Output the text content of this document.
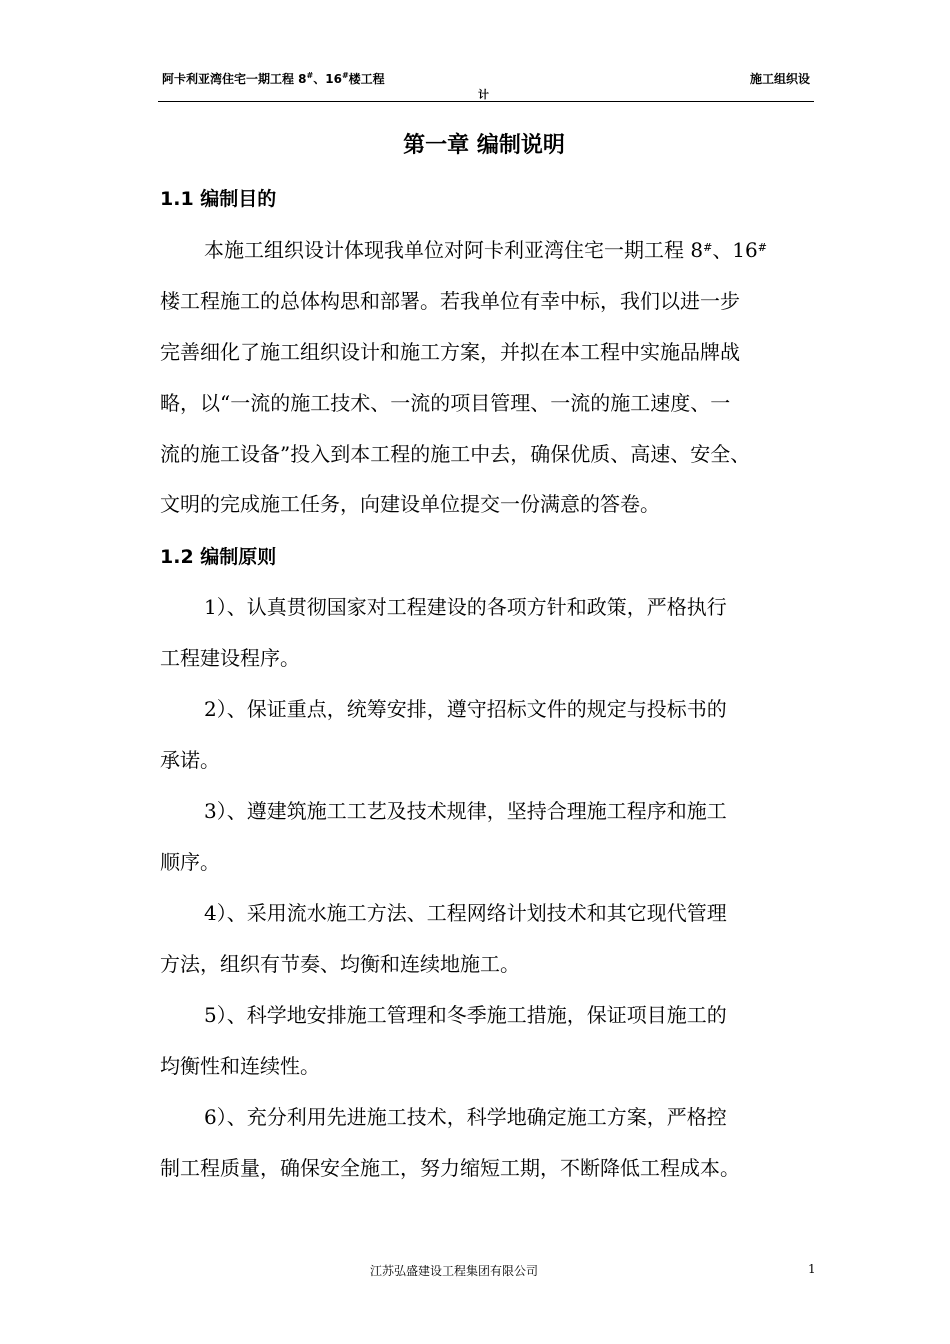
阿卡利亚湾住宅一期工程 8#、16#楼工程	施工组织设
计
第一章 编制说明
1.1 编制目的
本施工组织设计体现我单位对阿卡利亚湾住宅一期工程 8#、16#
楼工程施工的总体构思和部署。若我单位有幸中标，我们以进一步
完善细化了施工组织设计和施工方案，并拟在本工程中实施品牌战
略，以“一流的施工技术、一流的项目管理、一流的施工速度、一
流的施工设备”投入到本工程的施工中去，确保优质、高速、安全、
文明的完成施工任务，向建设单位提交一份满意的答卷。
1.2 编制原则
1）、认真贯彻国家对工程建设的各项方针和政策，严格执行
工程建设程序。
2）、保证重点，统筹安排，遵守招标文件的规定与投标书的
承诺。
3）、遵建筑施工工艺及技术规律，坚持合理施工程序和施工
顺序。
4）、采用流水施工方法、工程网络计划技术和其它现代管理
方法，组织有节奏、均衡和连续地施工。
5）、科学地安排施工管理和冬季施工措施，保证项目施工的
均衡性和连续性。
6）、充分利用先进施工技术，科学地确定施工方案，严格控
制工程质量，确保安全施工，努力缩短工期，不断降低工程成本。
江苏弘盛建设工程集团有限公司	1
